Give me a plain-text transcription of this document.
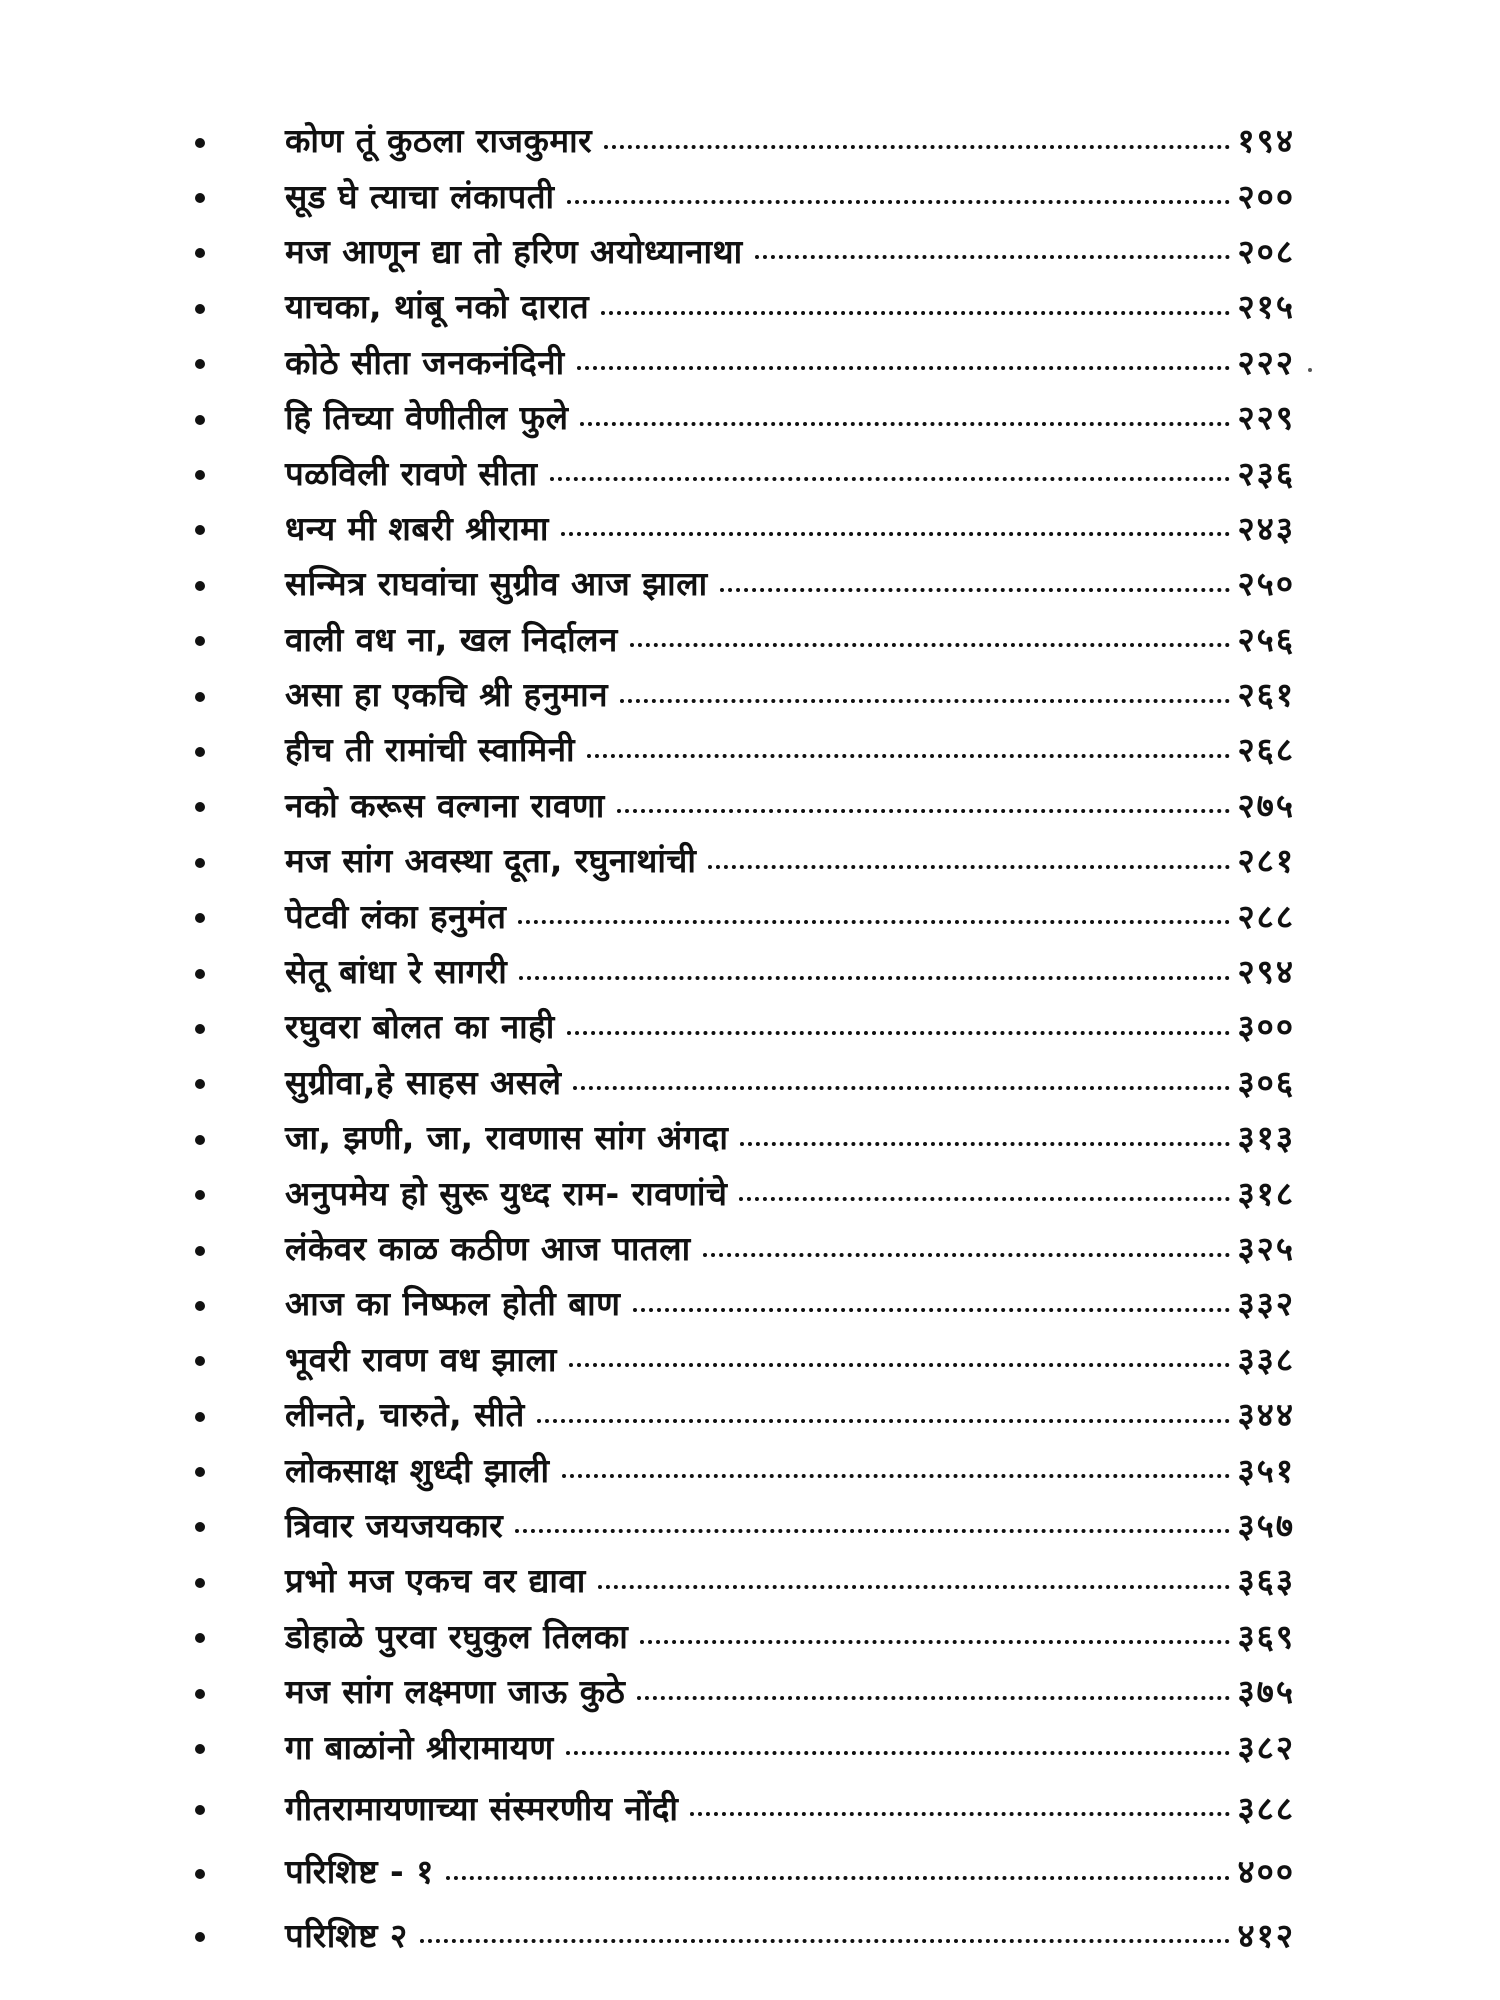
कोण तूं कुठला राजकुमार	१९४
सूड घे त्याचा लंकापती	२००
मज आणून द्या तो हरिण अयोध्यानाथा	२०८
याचका, थांबू नको दारात	२१५
कोठे सीता जनकनंदिनी	२२२
हि तिच्या वेणीतील फुले	२२९
पळविली रावणे सीता	२३६
धन्य मी शबरी श्रीरामा	२४३
सन्मित्र राघवांचा सुग्रीव आज झाला	२५०
वाली वध ना, खल निर्दालन	२५६
असा हा एकचि श्री हनुमान	२६१
हीच ती रामांची स्वामिनी	२६८
नको करूस वल्गना रावणा	२७५
मज सांग अवस्था दूता, रघुनाथांची	२८१
पेटवी लंका हनुमंत	२८८
सेतू बांधा रे सागरी	२९४
रघुवरा बोलत का नाही	३००
सुग्रीवा,हे साहस असले	३०६
जा, झणी, जा, रावणास सांग अंगदा	३१३
अनुपमेय हो सुरू युध्द राम- रावणांचे	३१८
लंकेवर काळ कठीण आज पातला	३२५
आज का निष्फल होती बाण	३३२
भूवरी रावण वध झाला	३३८
लीनते, चारुते, सीते	३४४
लोकसाक्ष शुध्दी झाली	३५१
त्रिवार जयजयकार	३५७
प्रभो मज एकच वर द्यावा	३६३
डोहाळे पुरवा रघुकुल तिलका	३६९
मज सांग लक्ष्मणा जाऊ कुठे	३७५
गा बाळांनो श्रीरामायण	३८२
गीतरामायणाच्या संस्मरणीय नोंदी	३८८
परिशिष्ट - १	४००
परिशिष्ट २	४१२
